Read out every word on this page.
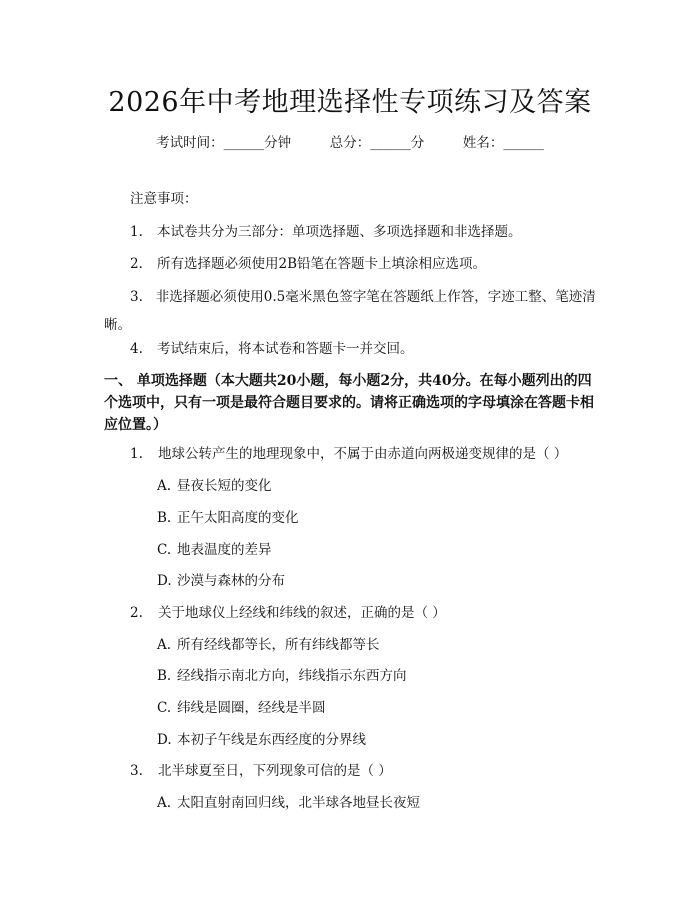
2026年中考地理选择性专项练习及答案
考试时间：______分钟	总分：______分	姓名：______
注意事项：
1. 本试卷共分为三部分：单项选择题、多项选择题和非选择题。
2. 所有选择题必须使用2B铅笔在答题卡上填涂相应选项。
3. 非选择题必须使用0.5毫米黑色签字笔在答题纸上作答，字迹工整、笔迹清晰。
4. 考试结束后，将本试卷和答题卡一并交回。
一、 单项选择题（本大题共20小题，每小题2分，共40分。在每小题列出的四个选项中，只有一项是最符合题目要求的。请将正确选项的字母填涂在答题卡相应位置。）
1. 地球公转产生的地理现象中，不属于由赤道向两极递变规律的是（ ）
A. 昼夜长短的变化
B. 正午太阳高度的变化
C. 地表温度的差异
D. 沙漠与森林的分布
2. 关于地球仪上经线和纬线的叙述，正确的是（ ）
A. 所有经线都等长，所有纬线都等长
B. 经线指示南北方向，纬线指示东西方向
C. 纬线是圆圈，经线是半圆
D. 本初子午线是东西经度的分界线
3. 北半球夏至日，下列现象可信的是（ ）
A. 太阳直射南回归线，北半球各地昼长夜短
